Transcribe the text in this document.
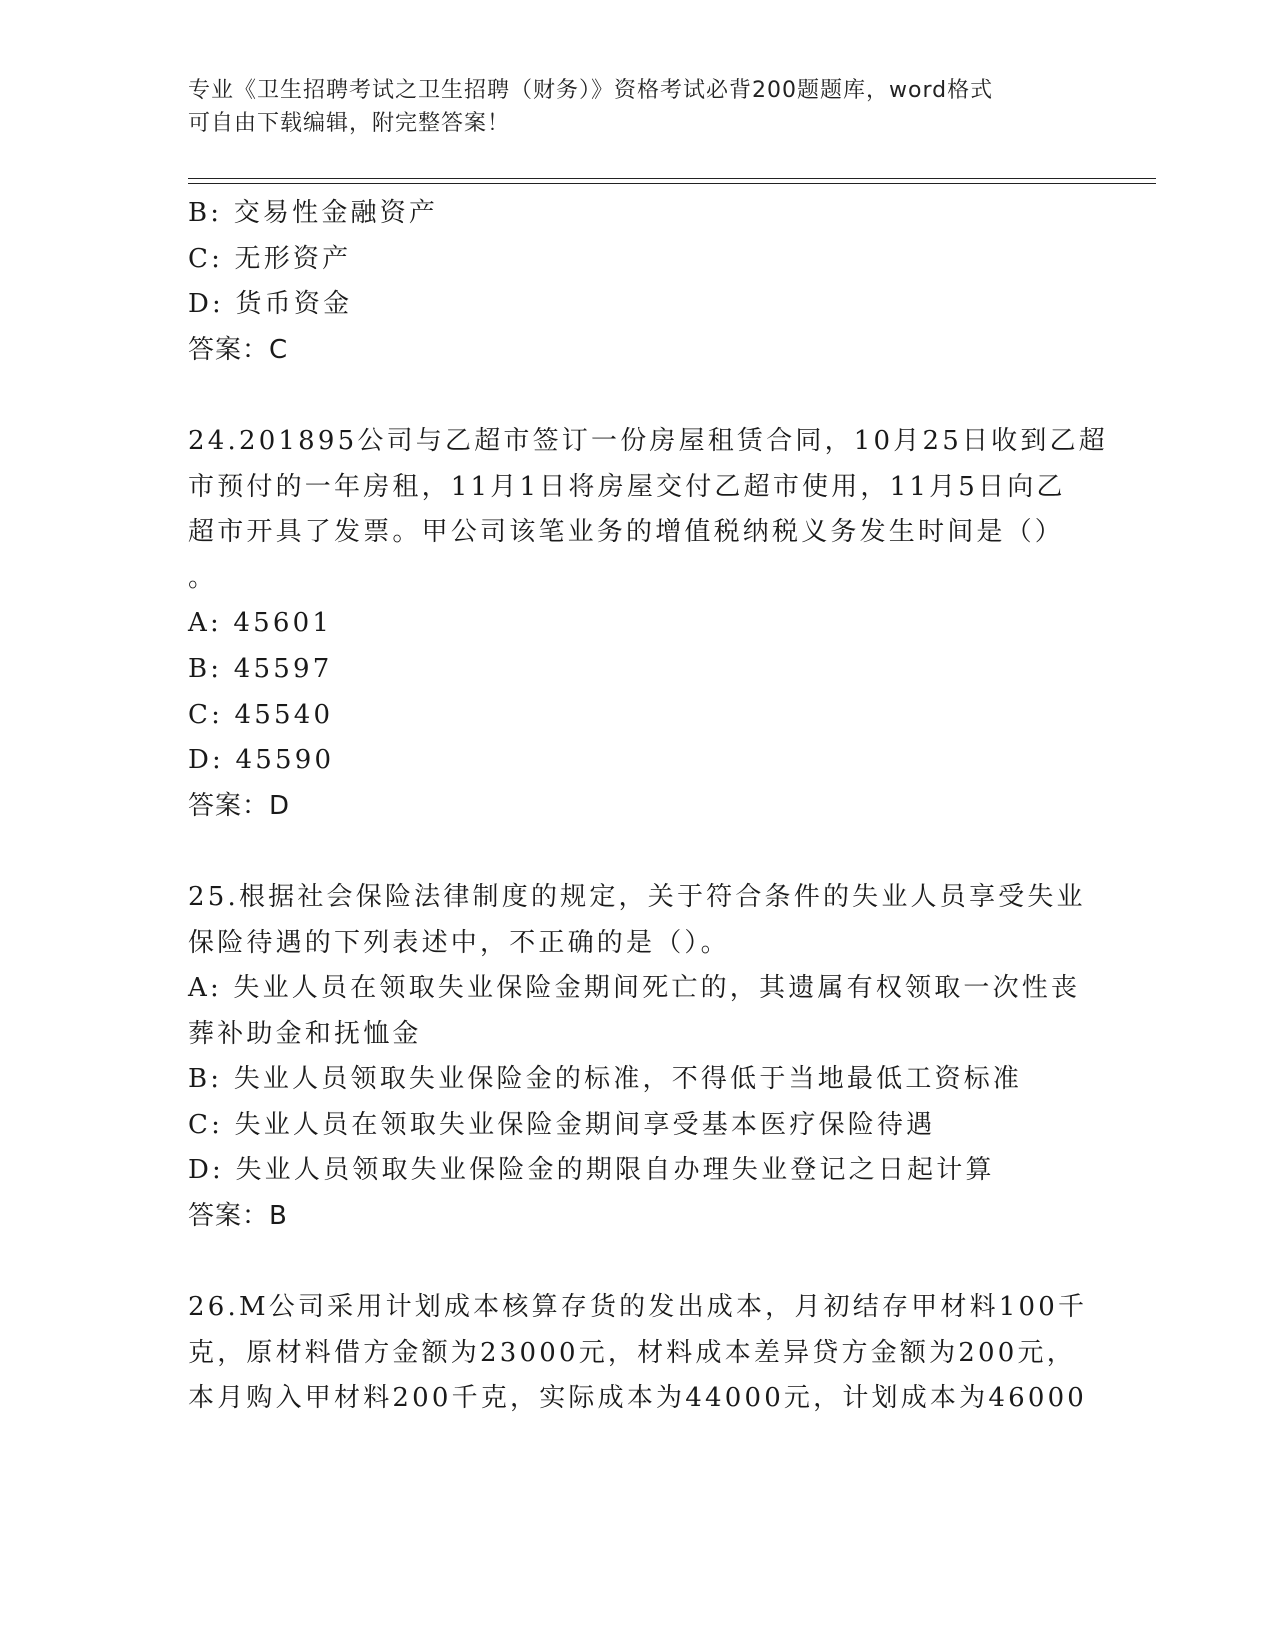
专业《卫生招聘考试之卫生招聘（财务）》资格考试必背200题题库，word格式
可自由下载编辑，附完整答案！
B: 交易性金融资产
C: 无形资产
D: 货币资金
答案：C
24.201895公司与乙超市签订一份房屋租赁合同，10月25日收到乙超
市预付的一年房租，11月1日将房屋交付乙超市使用，11月5日向乙
超市开具了发票。甲公司该笔业务的增值税纳税义务发生时间是（）
。
A: 45601
B: 45597
C: 45540
D: 45590
答案：D
25.根据社会保险法律制度的规定，关于符合条件的失业人员享受失业
保险待遇的下列表述中，不正确的是（）。
A: 失业人员在领取失业保险金期间死亡的，其遗属有权领取一次性丧
葬补助金和抚恤金
B: 失业人员领取失业保险金的标准，不得低于当地最低工资标准
C: 失业人员在领取失业保险金期间享受基本医疗保险待遇
D: 失业人员领取失业保险金的期限自办理失业登记之日起计算
答案：B
26.M公司采用计划成本核算存货的发出成本，月初结存甲材料100千
克，原材料借方金额为23000元，材料成本差异贷方金额为200元，
本月购入甲材料200千克，实际成本为44000元，计划成本为46000
